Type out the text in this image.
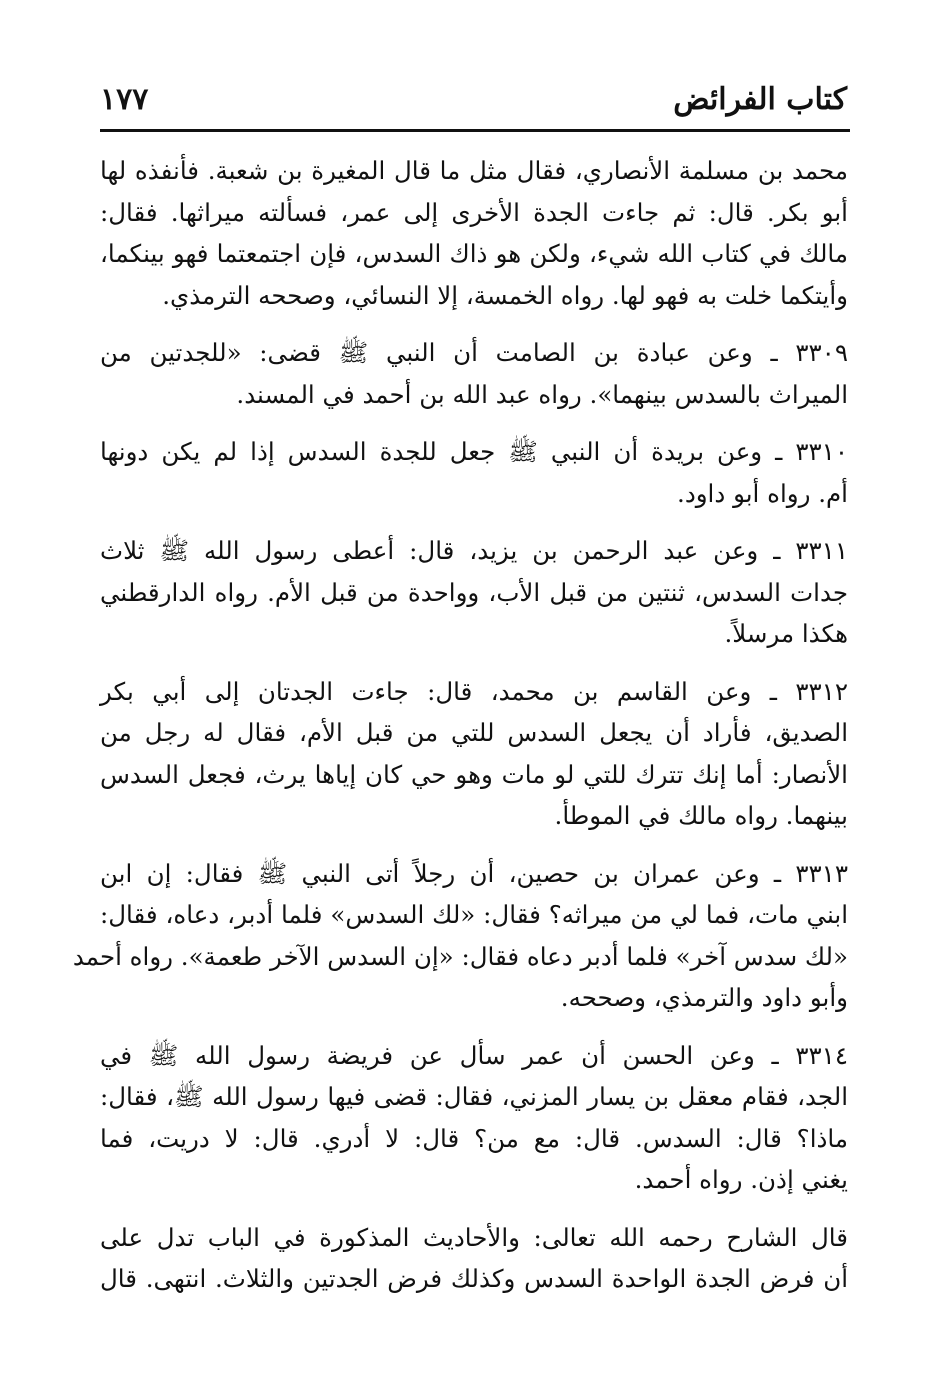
كتاب الفرائض
١٧٧

محمد بن مسلمة الأنصاري، فقال مثل ما قال المغيرة بن شعبة. فأنفذه لها
أبو بكر. قال: ثم جاءت الجدة الأخرى إلى عمر، فسألته ميراثها. فقال:
مالك في كتاب الله شيء، ولكن هو ذاك السدس، فإن اجتمعتما فهو بينكما،
وأيتكما خلت به فهو لها. رواه الخمسة، إلا النسائي، وصححه الترمذي.

٣٣٠٩ ـ وعن عبادة بن الصامت أن النبي ﷺ قضى: «للجدتين من
الميراث بالسدس بينهما». رواه عبد الله بن أحمد في المسند.

٣٣١٠ ـ وعن بريدة أن النبي ﷺ جعل للجدة السدس إذا لم يكن دونها
أم. رواه أبو داود.

٣٣١١ ـ وعن عبد الرحمن بن يزيد، قال: أعطى رسول الله ﷺ ثلاث
جدات السدس، ثنتين من قبل الأب، وواحدة من قبل الأم. رواه الدارقطني
هكذا مرسلاً.

٣٣١٢ ـ وعن القاسم بن محمد، قال: جاءت الجدتان إلى أبي بكر
الصديق، فأراد أن يجعل السدس للتي من قبل الأم، فقال له رجل من
الأنصار: أما إنك تترك للتي لو مات وهو حي كان إياها يرث، فجعل السدس
بينهما. رواه مالك في الموطأ.

٣٣١٣ ـ وعن عمران بن حصين، أن رجلاً أتى النبي ﷺ فقال: إن ابن
ابني مات، فما لي من ميراثه؟ فقال: «لك السدس» فلما أدبر، دعاه، فقال:
«لك سدس آخر» فلما أدبر دعاه فقال: «إن السدس الآخر طعمة». رواه أحمد
وأبو داود والترمذي، وصححه.

٣٣١٤ ـ وعن الحسن أن عمر سأل عن فريضة رسول الله ﷺ في
الجد، فقام معقل بن يسار المزني، فقال: قضى فيها رسول الله ﷺ، فقال:
ماذا؟ قال: السدس. قال: مع من؟ قال: لا أدري. قال: لا دريت، فما
يغني إذن. رواه أحمد.

قال الشارح رحمه الله تعالى: والأحاديث المذكورة في الباب تدل على
أن فرض الجدة الواحدة السدس وكذلك فرض الجدتين والثلاث. انتهى. قال
